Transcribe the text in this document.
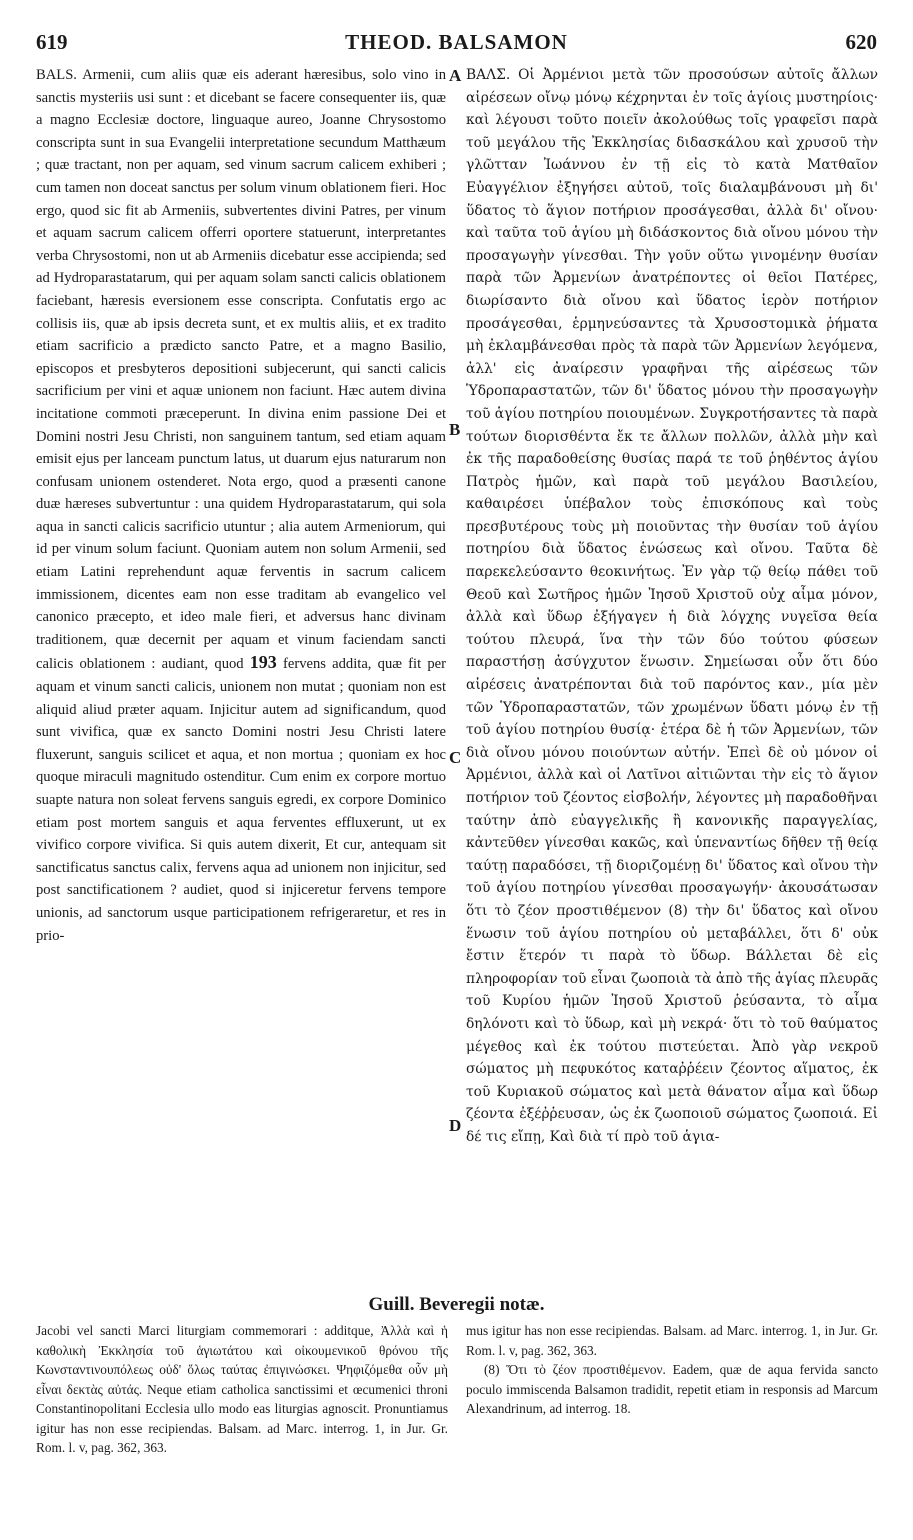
619	THEOD. BALSAMON	620

BALS. Armenii, cum aliis quæ eis aderant hæresibus, solo vino in sanctis mysteriis usi sunt : et dicebant se facere consequenter iis, quæ a magno Ecclesiæ doctore, linguaque aureo, Joanne Chrysostomo conscripta sunt in sua Evangelii interpretatione secundum Matthæum ; quæ tractant, non per aquam, sed vinum sacrum calicem exhiberi ; cum tamen non doceat sanctus per solum vinum oblationem fieri. Hoc ergo, quod sic fit ab Armeniis, subvertentes divini Patres, per vinum et aquam sacrum calicem offerri oportere statuerunt, interpretantes verba Chrysostomi, non ut ab Armeniis dicebatur esse accipienda; sed ad Hydroparastatarum, qui per aquam solam sancti calicis oblationem faciebant, hæresis eversionem esse conscripta. Confutatis ergo ac collisis iis, quæ ab ipsis decreta sunt, et ex multis aliis, et ex tradito etiam sacrificio a prædicto sancto Patre, et a magno Basilio, episcopos et presbyteros depositioni subjecerunt, qui sancti calicis sacrificium per vini et aquæ unionem non faciunt. Hæc autem divina incitatione commoti præceperunt. In divina enim passione Dei et Domini nostri Jesu Christi, non sanguinem tantum, sed etiam aquam emisit ejus per lanceam punctum latus, ut duarum ejus naturarum non confusam unionem ostenderet. Nota ergo, quod a præsenti canone duæ hæreses subvertuntur : una quidem Hydroparastatarum, qui sola aqua in sancti calicis sacrificio utuntur ; alia autem Armeniorum, qui id per vinum solum faciunt. Quoniam autem non solum Armenii, sed etiam Latini reprehendunt aquæ ferventis in sacrum calicem immissionem, dicentes eam non esse traditam ab evangelico vel canonico præcepto, et ideo male fieri, et adversus hanc divinam traditionem, quæ decernit per aquam et vinum faciendam sancti calicis oblationem : audiant, quod 193 fervens addita, quæ fit per aquam et vinum sancti calicis, unionem non mutat ; quoniam non est aliquid aliud præter aquam. Injicitur autem ad significandum, quod sunt vivifica, quæ ex sancto Domini nostri Jesu Christi latere fluxerunt, sanguis scilicet et aqua, et non mortua ; quoniam ex hoc quoque miraculi magnitudo ostenditur. Cum enim ex corpore mortuo suapte natura non soleat fervens sanguis egredi, ex corpore Dominico etiam post mortem sanguis et aqua ferventes effluxerunt, ut ex vivifico corpore vivifica. Si quis autem dixerit, Et cur, antequam sit sanctificatus sanctus calix, fervens aqua ad unionem non injicitur, sed post sanctificationem ? audiet, quod si injiceretur fervens tempore unionis, ad sanctorum usque participationem refrigeraretur, et res in prio-

A
B
C
D

ΒΑΛΣ. Οἱ Ἀρμένιοι μετὰ τῶν προσούσων αὐτοῖς ἄλλων αἱρέσεων οἴνῳ μόνῳ κέχρηνται ἐν τοῖς ἁγίοις μυστηρίοις· καὶ λέγουσι τοῦτο ποιεῖν ἀκολούθως τοῖς γραφεῖσι παρὰ τοῦ μεγάλου τῆς Ἐκκλησίας διδασκάλου καὶ χρυσοῦ τὴν γλῶτταν Ἰωάννου ἐν τῇ εἰς τὸ κατὰ Ματθαῖον Εὐαγγέλιον ἐξηγήσει αὐτοῦ, τοῖς διαλαμβάνουσι μὴ δι' ὕδατος τὸ ἅγιον ποτήριον προσάγεσθαι, ἀλλὰ δι' οἴνου· καὶ ταῦτα τοῦ ἁγίου μὴ διδάσκοντος διὰ οἴνου μόνου τὴν προσαγωγὴν γίνεσθαι. Τὴν γοῦν οὕτω γινομένην θυσίαν παρὰ τῶν Ἀρμενίων ἀνατρέποντες οἱ θεῖοι Πατέρες, διωρίσαντο διὰ οἴνου καὶ ὕδατος ἱερὸν ποτήριον προσάγεσθαι, ἑρμηνεύσαντες τὰ Χρυσοστομικὰ ῥήματα μὴ ἐκλαμβάνεσθαι πρὸς τὰ παρὰ τῶν Ἀρμενίων λεγόμενα, ἀλλ' εἰς ἀναίρεσιν γραφῆναι τῆς αἱρέσεως τῶν Ὑδροπαραστατῶν, τῶν δι' ὕδατος μόνου τὴν προσαγωγὴν τοῦ ἁγίου ποτηρίου ποιουμένων. Συγκροτήσαντες τὰ παρὰ τούτων διορισθέντα ἔκ τε ἄλλων πολλῶν, ἀλλὰ μὴν καὶ ἐκ τῆς παραδοθείσης θυσίας παρά τε τοῦ ῥηθέντος ἁγίου Πατρὸς ἡμῶν, καὶ παρὰ τοῦ μεγάλου Βασιλείου, καθαιρέσει ὑπέβαλον τοὺς ἐπισκόπους καὶ τοὺς πρεσβυτέρους τοὺς μὴ ποιοῦντας τὴν θυσίαν τοῦ ἁγίου ποτηρίου διὰ ὕδατος ἑνώσεως καὶ οἴνου. Ταῦτα δὲ παρεκελεύσαντο θεοκινήτως. Ἐν γὰρ τῷ θείῳ πάθει τοῦ Θεοῦ καὶ Σωτῆρος ἡμῶν Ἰησοῦ Χριστοῦ οὐχ αἷμα μόνον, ἀλλὰ καὶ ὕδωρ ἐξήγαγεν ἡ διὰ λόγχης νυγεῖσα θεία τούτου πλευρά, ἵνα τὴν τῶν δύο τούτου φύσεων παραστήσῃ ἀσύγχυτον ἕνωσιν. Σημείωσαι οὖν ὅτι δύο αἱρέσεις ἀνατρέπονται διὰ τοῦ παρόντος καν., μία μὲν τῶν Ὑδροπαραστατῶν, τῶν χρωμένων ὕδατι μόνῳ ἐν τῇ τοῦ ἁγίου ποτηρίου θυσίᾳ· ἑτέρα δὲ ἡ τῶν Ἀρμενίων, τῶν διὰ οἴνου μόνου ποιούντων αὐτήν. Ἐπεὶ δὲ οὐ μόνον οἱ Ἀρμένιοι, ἀλλὰ καὶ οἱ Λατῖνοι αἰτιῶνται τὴν εἰς τὸ ἅγιον ποτήριον τοῦ ζέοντος εἰσβολήν, λέγοντες μὴ παραδοθῆναι ταύτην ἀπὸ εὐαγγελικῆς ἢ κανονικῆς παραγγελίας, κἀντεῦθεν γίνεσθαι κακῶς, καὶ ὑπεναντίως δῆθεν τῇ θείᾳ ταύτῃ παραδόσει, τῇ διοριζομένῃ δι' ὕδατος καὶ οἴνου τὴν τοῦ ἁγίου ποτηρίου γίνεσθαι προσαγωγήν· ἀκουσάτωσαν ὅτι τὸ ζέον προστιθέμενον (8) τὴν δι' ὕδατος καὶ οἴνου ἕνωσιν τοῦ ἁγίου ποτηρίου οὐ μεταβάλλει, ὅτι δ' οὐκ ἔστιν ἕτερόν τι παρὰ τὸ ὕδωρ. Βάλλεται δὲ εἰς πληροφορίαν τοῦ εἶναι ζωοποιὰ τὰ ἀπὸ τῆς ἁγίας πλευρᾶς τοῦ Κυρίου ἡμῶν Ἰησοῦ Χριστοῦ ῥεύσαντα, τὸ αἷμα δηλόνοτι καὶ τὸ ὕδωρ, καὶ μὴ νεκρά· ὅτι τὸ τοῦ θαύματος μέγεθος καὶ ἐκ τούτου πιστεύεται. Ἀπὸ γὰρ νεκροῦ σώματος μὴ πεφυκότος καταῤῥέειν ζέοντος αἵματος, ἐκ τοῦ Κυριακοῦ σώματος καὶ μετὰ θάνατον αἷμα καὶ ὕδωρ ζέοντα ἐξέῤῥευσαν, ὡς ἐκ ζωοποιοῦ σώματος ζωοποιά. Εἰ δέ τις εἴπῃ, Καὶ διὰ τί πρὸ τοῦ ἁγια-

Guill. Beveregii notæ.

Jacobi vel sancti Marci liturgiam commemorari : additque, Ἀλλὰ καὶ ἡ καθολικὴ Ἐκκλησία τοῦ ἁγιωτάτου καὶ οἰκουμενικοῦ θρόνου τῆς Κωνσταντινουπόλεως οὐδ' ὅλως ταύτας ἐπιγινώσκει. Ψηφιζόμεθα οὖν μὴ εἶναι δεκτὰς αὐτάς. Neque etiam catholica sanctissimi et œcumenici throni Constantinopolitani Ecclesia ullo modo eas liturgias agnoscit. Pronuntiamus igitur has non esse recipiendas. Balsam. ad Marc. interrog. 1, in Jur. Gr. Rom. l. v, pag. 362, 363.

mus igitur has non esse recipiendas. Balsam. ad Marc. interrog. 1, in Jur. Gr. Rom. l. v, pag. 362, 363.

(8) Ὅτι τὸ ζέον προστιθέμενον. Eadem, quæ de aqua fervida sancto poculo immiscenda Balsamon tradidit, repetit etiam in responsis ad Marcum Alexandrinum, ad interrog. 18.
